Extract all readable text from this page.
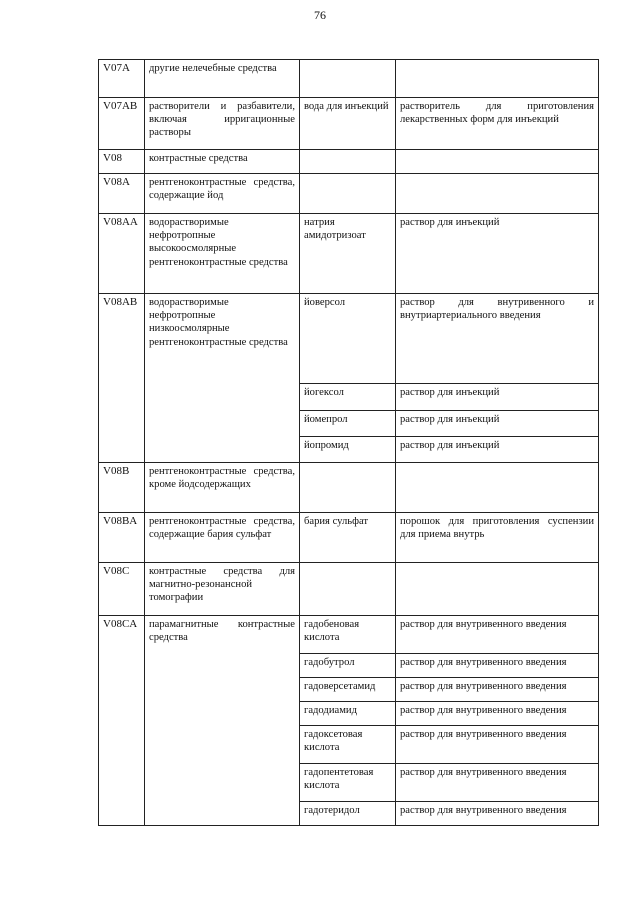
76
V07A	другие нелечебные средства		
V07AB	растворители и разбавители, включая ирригационные растворы	вода для инъекций	растворитель для приготовления лекарственных форм для инъекций
V08	контрастные средства		
V08A	рентгеноконтрастные средства, содержащие йод		
V08AA	водорастворимые нефротропные высокоосмолярные рентгеноконтрастные средства	натрия амидотризоат	раствор для инъекций
V08AB	водорастворимые нефротропные низкоосмолярные рентгеноконтрастные средства	йоверсол	раствор для внутривенного и внутриартериального введения
		йогексол	раствор для инъекций
		йомепрол	раствор для инъекций
		йопромид	раствор для инъекций
V08B	рентгеноконтрастные средства, кроме йодсодержащих		
V08BA	рентгеноконтрастные средства, содержащие бария сульфат	бария сульфат	порошок для приготовления суспензии для приема внутрь
V08C	контрастные средства для магнитно-резонансной томографии		
V08CA	парамагнитные контрастные средства	гадобеновая кислота	раствор для внутривенного введения
		гадобутрол	раствор для внутривенного введения
		гадоверсетамид	раствор для внутривенного введения
		гадодиамид	раствор для внутривенного введения
		гадоксетовая кислота	раствор для внутривенного введения
		гадопентетовая кислота	раствор для внутривенного введения
		гадотеридол	раствор для внутривенного введения
